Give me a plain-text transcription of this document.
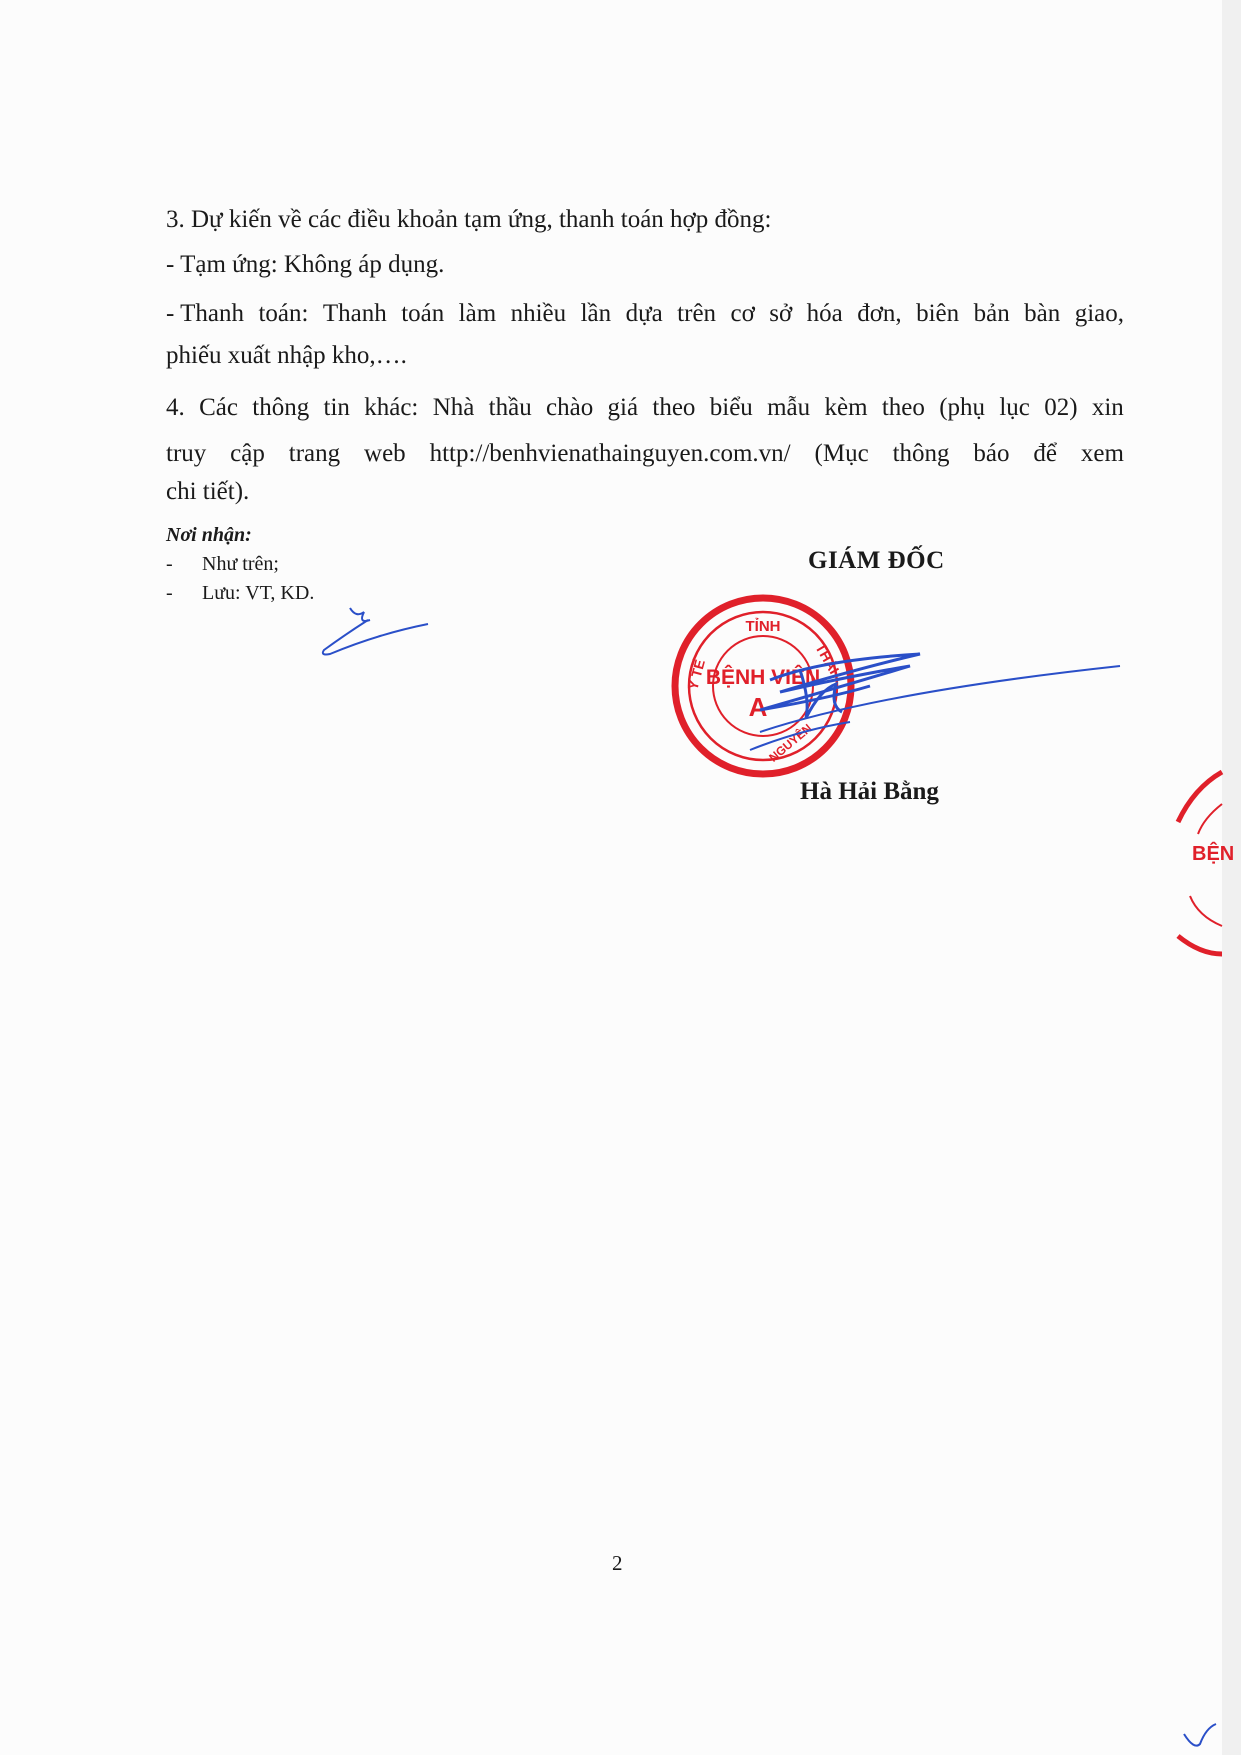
3. Dự kiến về các điều khoản tạm ứng, thanh toán hợp đồng:
- Tạm ứng: Không áp dụng.
- Thanh toán: Thanh toán làm nhiều lần dựa trên cơ sở hóa đơn, biên bản bàn giao,
phiếu xuất nhập kho,….
4. Các thông tin khác: Nhà thầu chào giá theo biểu mẫu kèm theo (phụ lục 02) xin
truy cập trang web http://benhvienathainguyen.com.vn/ (Mục thông báo để xem
chi tiết).
Nơi nhận:
-	Như trên;
-	Lưu: VT, KD.
GIÁM ĐỐC
TỈNH
Y TẾ	THÁI
BỆNH VIỆN
A
NGUYÊN
Hà Hải Bằng
BỆN
2
